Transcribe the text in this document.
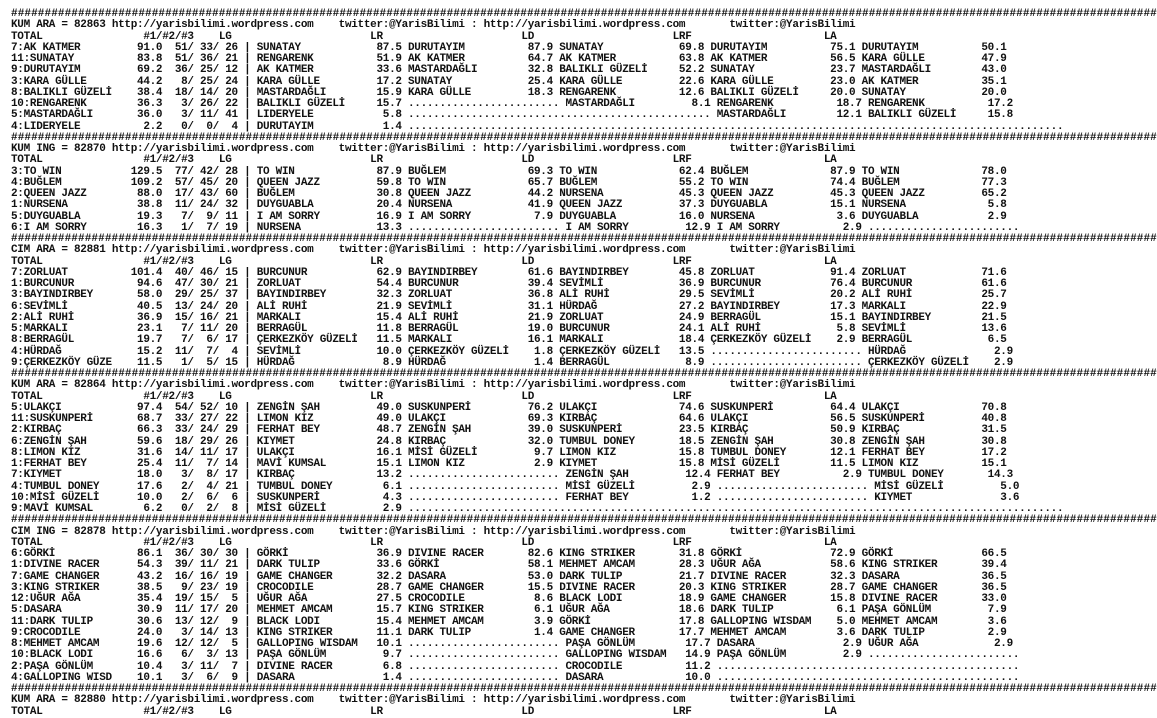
###########################################################################################################################################################################
KUM ARA = 82863 http://yarisbilimi.wordpress.com    twitter:@YarisBilimi : http://yarisbilimi.wordpress.com       twitter:@YarisBilimi
TOTAL                #1/#2/#3    LG                      LR                      LD                      LRF                     LA
7:AK KATMER         91.0  51/ 33/ 26 | SUNATAY            87.5 DURUTAYIM          87.9 SUNATAY            69.8 DURUTAYIM          75.1 DURUTAYIM          50.1
11:SUNATAY          83.8  51/ 36/ 21 | RENGARENK          51.9 AK KATMER          64.7 AK KATMER          63.8 AK KATMER          56.5 KARA GÜLLE         47.9
9:DURUTAYIM         69.2  36/ 25/ 12 | AK KATMER          33.6 MASTARDAĞLI        32.8 BALIKLI GÜZELİ     52.2 SUNATAY            23.7 MASTARDAĞLI        43.0
3:KARA GÜLLE        44.2   8/ 25/ 24 | KARA GÜLLE         17.2 SUNATAY            25.4 KARA GÜLLE         22.6 KARA GÜLLE         23.0 AK KATMER          35.1
8:BALIKLI GÜZELİ    38.4  18/ 14/ 20 | MASTARDAĞLI        15.9 KARA GÜLLE         18.3 RENGARENK          12.6 BALIKLI GÜZELİ     20.0 SUNATAY            20.0
10:RENGARENK        36.3   3/ 26/ 22 | BALIKLI GÜZELİ     15.7 ........................ MASTARDAĞLI         8.1 RENGARENK          18.7 RENGARENK          17.2
5:MASTARDAĞLI       36.0   3/ 11/ 41 | LIDERYELE           5.8 ................................................ MASTARDAĞLI        12.1 BALIKLI GÜZELİ     15.8
4:LIDERYELE          2.2   0/  0/  4 | DURUTAYIM           1.4 ........................................................................................................
###########################################################################################################################################################################
KUM ING = 82870 http://yarisbilimi.wordpress.com    twitter:@YarisBilimi : http://yarisbilimi.wordpress.com       twitter:@YarisBilimi
TOTAL                #1/#2/#3    LG                      LR                      LD                      LRF                     LA
3:TO WIN           129.5  77/ 42/ 28 | TO WIN             87.9 BUĞLEM             69.3 TO WIN             62.4 BUĞLEM             87.9 TO WIN             78.0
4:BUĞLEM           109.2  57/ 45/ 20 | QUEEN JAZZ         59.8 TO WIN             65.7 BUĞLEM             55.2 TO WIN             74.4 BUĞLEM             77.3
2:QUEEN JAZZ        88.0  17/ 43/ 60 | BUĞLEM             30.8 QUEEN JAZZ         44.2 NURSENA            45.3 QUEEN JAZZ         45.3 QUEEN JAZZ         65.2
1:NURSENA           38.8  11/ 24/ 32 | DUYGUABLA          20.4 NURSENA            41.9 QUEEN JAZZ         37.3 DUYGUABLA          15.1 NURSENA             5.8
5:DUYGUABLA         19.3   7/  9/ 11 | I AM SORRY         16.9 I AM SORRY          7.9 DUYGUABLA          16.0 NURSENA             3.6 DUYGUABLA           2.9
6:I AM SORRY        16.3   1/  7/ 19 | NURSENA            13.3 ........................ I AM SORRY         12.9 I AM SORRY          2.9 ........................
###########################################################################################################################################################################
CIM ARA = 82881 http://yarisbilimi.wordpress.com    twitter:@YarisBilimi : http://yarisbilimi.wordpress.com       twitter:@YarisBilimi
TOTAL                #1/#2/#3    LG                      LR                      LD                      LRF                     LA
7:ZORLUAT          101.4  40/ 46/ 15 | BURCUNUR           62.9 BAYINDIRBEY        61.6 BAYINDIRBEY        45.8 ZORLUAT            91.4 ZORLUAT            71.6
1:BURCUNUR          94.6  47/ 30/ 21 | ZORLUAT            54.4 BURCUNUR           39.4 SEVİMLİ            36.9 BURCUNUR           76.4 BURCUNUR           61.6
3:BAYINDIRBEY       58.0  29/ 25/ 37 | BAYINDIRBEY        32.3 ZORLUAT            36.8 ALİ RUHİ           29.5 SEVİMLİ            20.2 ALİ RUHİ           25.7
6:SEVİMLİ           40.5  13/ 24/ 20 | ALİ RUHİ           21.9 SEVİMLİ            31.1 HÜRDAĞ             27.2 BAYINDIRBEY        17.3 MARKALI            22.9
2:ALİ RUHİ          36.9  15/ 16/ 21 | MARKALI            15.4 ALİ RUHİ           21.9 ZORLUAT            24.9 BERRAGÜL           15.1 BAYINDIRBEY        21.5
5:MARKALI           23.1   7/ 11/ 20 | BERRAGÜL           11.8 BERRAGÜL           19.0 BURCUNUR           24.1 ALİ RUHİ            5.8 SEVİMLİ            13.6
8:BERRAGÜL          19.7   7/  6/ 17 | ÇERKEZKÖY GÜZELİ   11.5 MARKALI            16.1 MARKALI            18.4 ÇERKEZKÖY GÜZELİ    2.9 BERRAGÜL            6.5
4:HÜRDAĞ            15.2  11/  7/  4 | SEVİMLİ            10.0 ÇERKEZKÖY GÜZELİ    1.8 ÇERKEZKÖY GÜZELİ   13.5 ........................ HÜRDAĞ              2.9
9:ÇERKEZKÖY GÜZE    11.5   1/  5/ 15 | HÜRDAĞ              8.9 HÜRDAĞ              1.4 BERRAGÜL            8.9 ........................ ÇERKEZKÖY GÜZELİ    2.9
###########################################################################################################################################################################
KUM ARA = 82864 http://yarisbilimi.wordpress.com    twitter:@YarisBilimi : http://yarisbilimi.wordpress.com       twitter:@YarisBilimi
TOTAL                #1/#2/#3    LG                      LR                      LD                      LRF                     LA
5:ULAKÇI            97.4  54/ 52/ 10 | ZENGİN ŞAH         49.0 SUSKUNPERİ         76.2 ULAKÇI             74.6 SUSKUNPERİ         64.4 ULAKÇI             70.8
11:SUSKUNPERİ       68.7  33/ 27/ 22 | LIMON KIZ          49.0 ULAKÇI             69.3 KIRBAÇ             64.6 ULAKÇI             56.5 SUSKUNPERİ         40.8
2:KIRBAÇ            66.3  33/ 24/ 29 | FERHAT BEY         48.7 ZENGİN ŞAH         39.0 SUSKUNPERİ         23.5 KIRBAÇ             50.9 KIRBAÇ             31.5
6:ZENGİN ŞAH        59.6  18/ 29/ 26 | KIYMET             24.8 KIRBAÇ             32.0 TUMBUL DONEY       18.5 ZENGİN ŞAH         30.8 ZENGİN ŞAH         30.8
8:LIMON KIZ         31.6  14/ 11/ 17 | ULAKÇI             16.1 MİSİ GÜZELİ         9.7 LIMON KIZ          15.8 TUMBUL DONEY       12.1 FERHAT BEY         17.2
1:FERHAT BEY        25.4  11/  7/ 14 | MAVİ KUMSAL        15.1 LIMON KIZ           2.9 KIYMET             15.8 MİSİ GÜZELİ        11.5 LIMON KIZ          15.1
7:KIYMET            18.0   3/  8/ 17 | KIRBAÇ             13.2 ........................ ZENGİN ŞAH         12.4 FERHAT BEY          2.9 TUMBUL DONEY       14.3
4:TUMBUL DONEY      17.6   2/  4/ 21 | TUMBUL DONEY        6.1 ........................ MİSİ GÜZELİ         2.9 ........................ MİSİ GÜZELİ         5.0
10:MİSİ GÜZELİ      10.0   2/  6/  6 | SUSKUNPERİ          4.3 ........................ FERHAT BEY          1.2 ........................ KIYMET              3.6
9:MAVİ KUMSAL        6.2   0/  2/  8 | MİSİ GÜZELİ         2.9 ........................................................................................................
###########################################################################################################################################################################
CIM ING = 82878 http://yarisbilimi.wordpress.com    twitter:@YarisBilimi : http://yarisbilimi.wordpress.com       twitter:@YarisBilimi
TOTAL                #1/#2/#3    LG                      LR                      LD                      LRF                     LA
6:GÖRKİ             86.1  36/ 30/ 30 | GÖRKİ              36.9 DIVINE RACER       82.6 KING STRIKER       31.8 GÖRKİ              72.9 GÖRKİ              66.5
1:DIVINE RACER      54.3  39/ 11/ 21 | DARK TULIP         33.6 GÖRKİ              58.1 MEHMET AMCAM       28.3 UĞUR AĞA           58.6 KING STRIKER       39.4
7:GAME CHANGER      43.2  16/ 16/ 19 | GAME CHANGER       32.2 DASARA             53.0 DARK TULIP         21.7 DIVINE RACER       32.3 DASARA             36.5
3:KING STRIKER      38.5   9/ 23/ 19 | CROCODILE          28.7 GAME CHANGER       15.5 DIVINE RACER       20.3 KING STRIKER       28.7 GAME CHANGER       36.5
12:UĞUR AĞA         35.4  19/ 15/  5 | UĞUR AĞA           27.5 CROCODILE           8.6 BLACK LODI         18.9 GAME CHANGER       15.8 DIVINE RACER       33.0
5:DASARA            30.9  11/ 17/ 20 | MEHMET AMCAM       15.7 KING STRIKER        6.1 UĞUR AĞA           18.6 DARK TULIP          6.1 PAŞA GÖNLÜM         7.9
11:DARK TULIP       30.6  13/ 12/  9 | BLACK LODI         15.4 MEHMET AMCAM        3.9 GÖRKİ              17.8 GALLOPING WISDAM    5.0 MEHMET AMCAM        3.6
9:CROCODILE         24.0   3/ 14/ 13 | KING STRIKER       11.1 DARK TULIP          1.4 GAME CHANGER       17.7 MEHMET AMCAM        3.6 DARK TULIP          2.9
8:MEHMET AMCAM      19.6  12/ 12/  5 | GALLOPING WISDAM   10.1 ........................ PAŞA GÖNLÜM        17.7 DASARA              2.9 UĞUR AĞA            2.9
10:BLACK LODI       16.6   6/  3/ 13 | PAŞA GÖNLÜM         9.7 ........................ GALLOPING WISDAM   14.9 PAŞA GÖNLÜM         2.9 ........................
2:PAŞA GÖNLÜM       10.4   3/ 11/  7 | DIVINE RACER        6.8 ........................ CROCODILE          11.2 ................................................
4:GALLOPING WISD    10.1   3/  6/  9 | DASARA              1.4 ........................ DASARA             10.0 ................................................
###########################################################################################################################################################################
KUM ARA = 82880 http://yarisbilimi.wordpress.com    twitter:@YarisBilimi : http://yarisbilimi.wordpress.com       twitter:@YarisBilimi
TOTAL                #1/#2/#3    LG                      LR                      LD                      LRF                     LA
